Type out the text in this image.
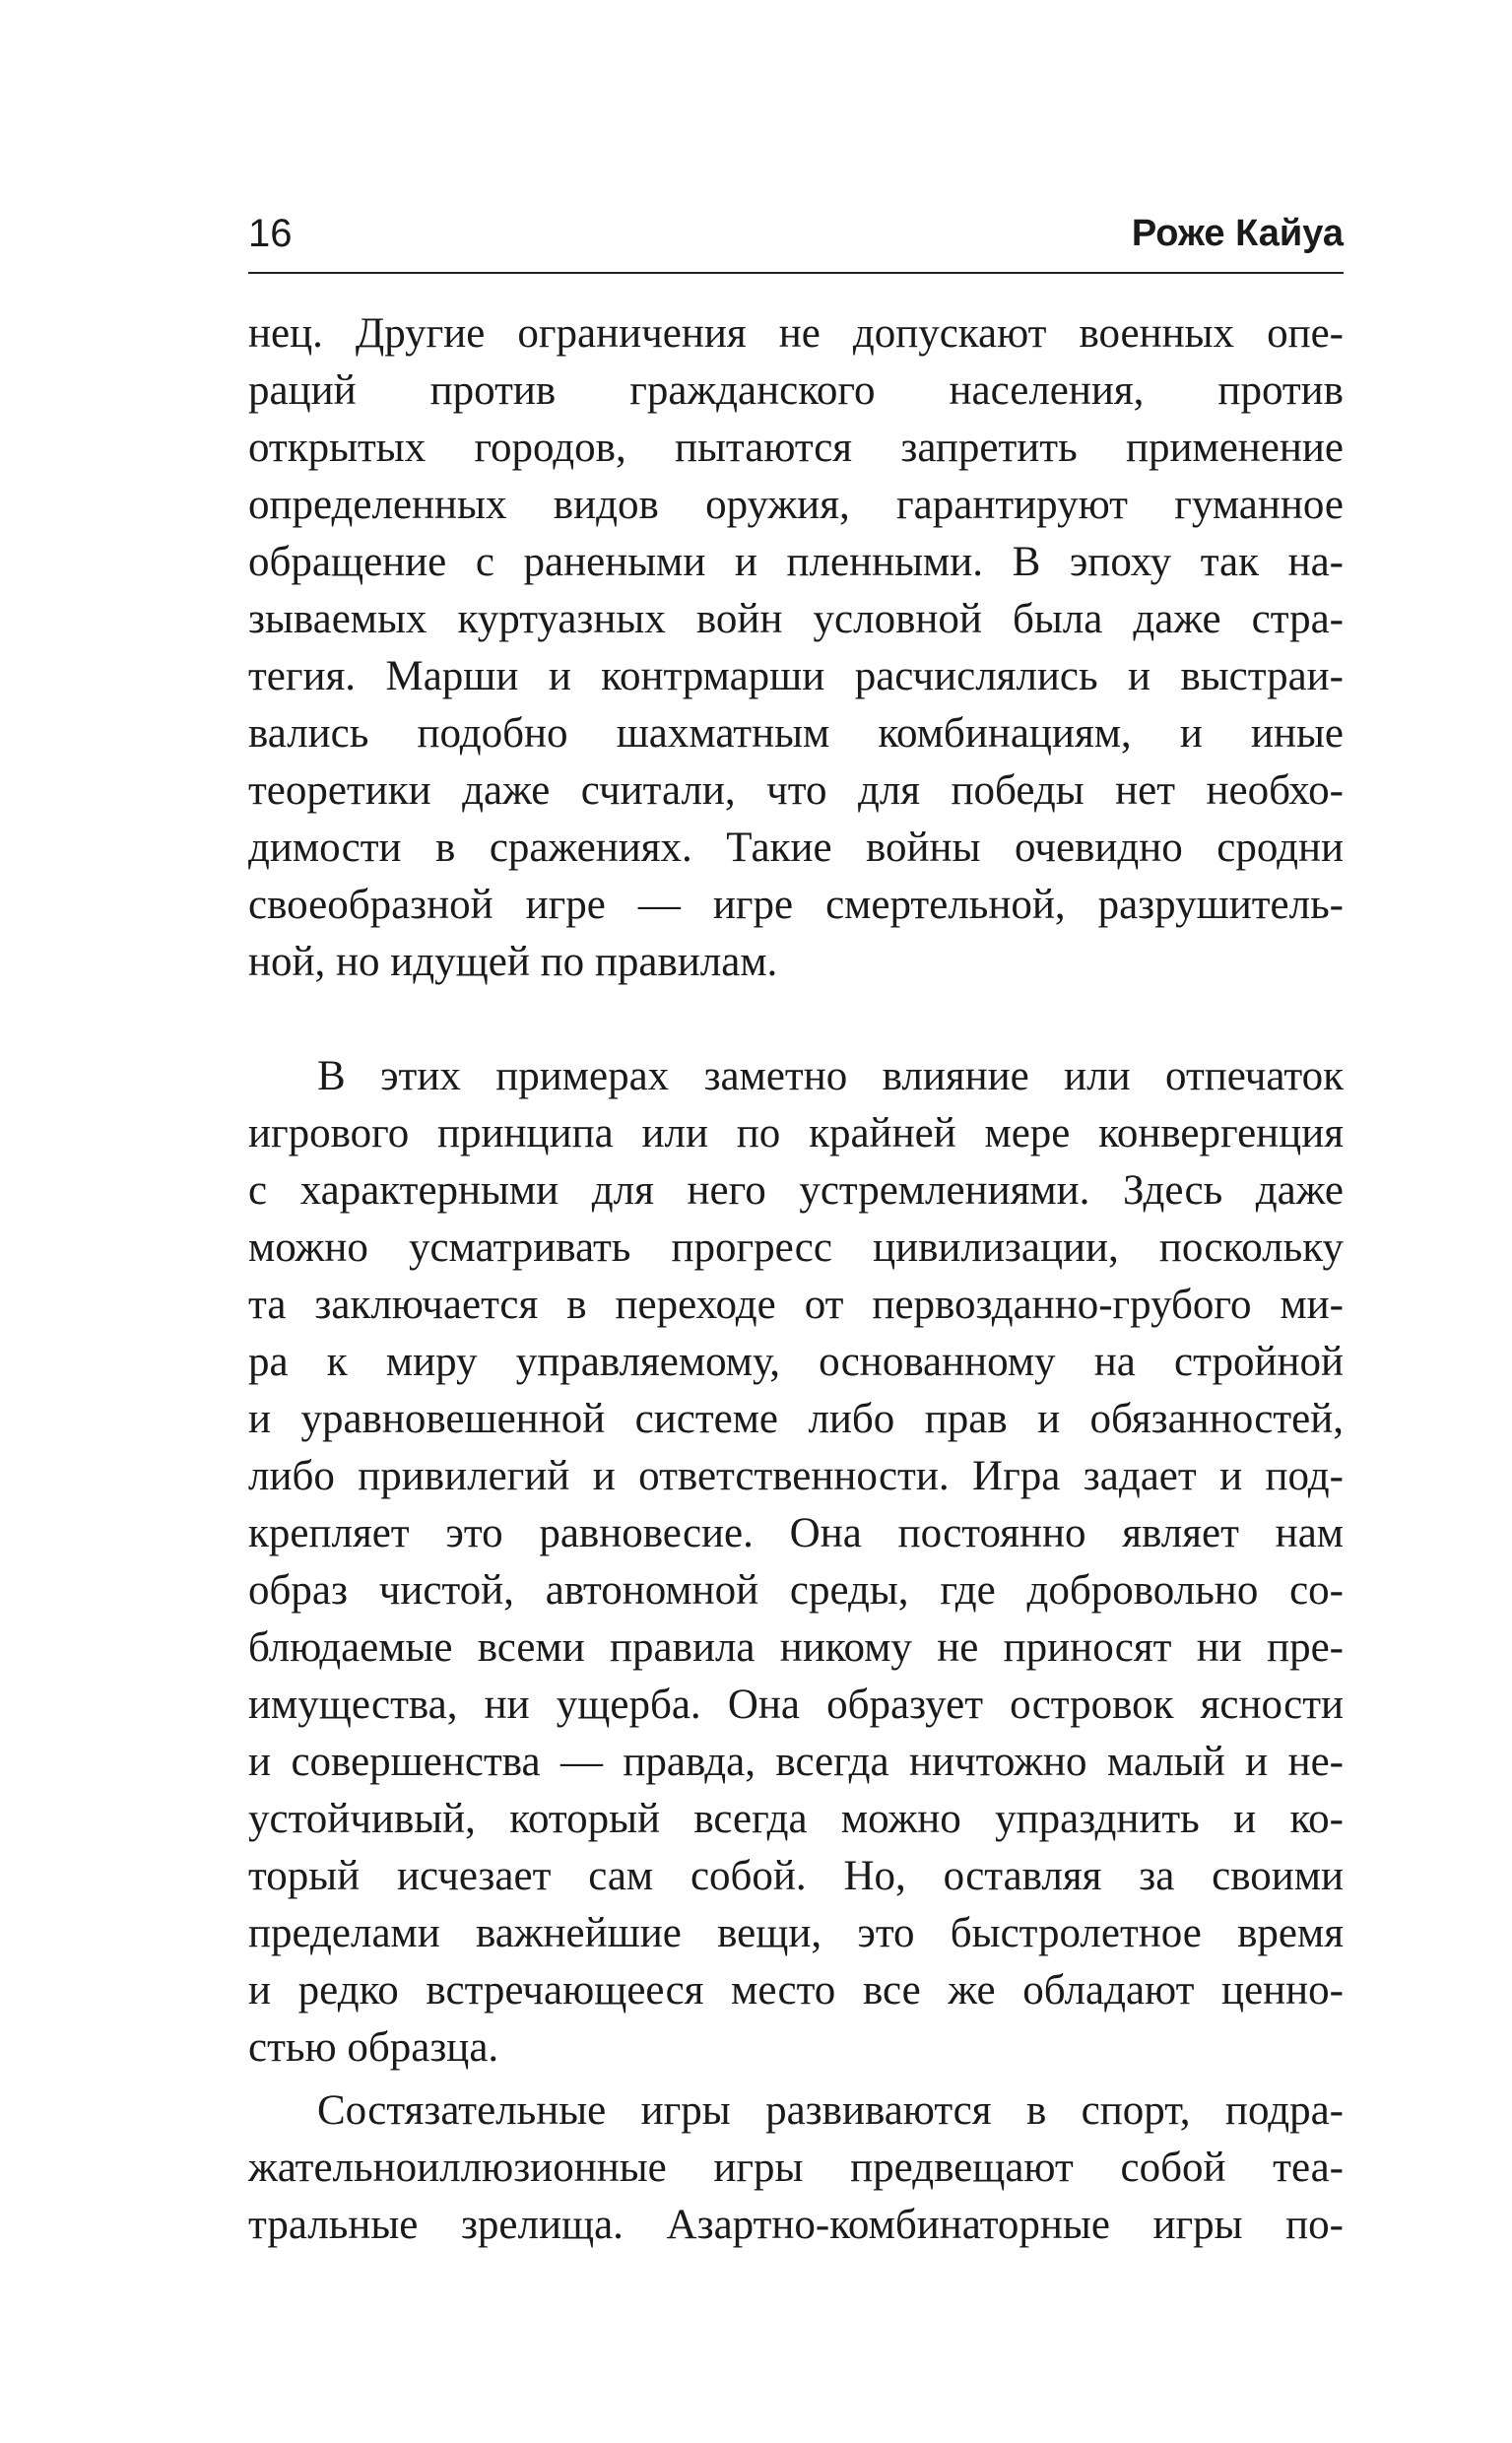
16	Роже Кайуа
нец. Другие ограничения не допускают военных опе-
раций против гражданского населения, против
открытых городов, пытаются запретить применение
определенных видов оружия, гарантируют гуманное
обращение с ранеными и пленными. В эпоху так на-
зываемых куртуазных войн условной была даже стра-
тегия. Марши и контрмарши расчислялись и выстраи-
вались подобно шахматным комбинациям, и иные
теоретики даже считали, что для победы нет необхо-
димости в сражениях. Такие войны очевидно сродни
своеобразной игре — игре смертельной, разрушитель-
ной, но идущей по правилам.
В этих примерах заметно влияние или отпечаток
игрового принципа или по крайней мере конвергенция
с характерными для него устремлениями. Здесь даже
можно усматривать прогресс цивилизации, поскольку
та заключается в переходе от первозданно-грубого ми-
ра к миру управляемому, основанному на стройной
и уравновешенной системе либо прав и обязанностей,
либо привилегий и ответственности. Игра задает и под-
крепляет это равновесие. Она постоянно являет нам
образ чистой, автономной среды, где добровольно со-
блюдаемые всеми правила никому не приносят ни пре-
имущества, ни ущерба. Она образует островок ясности
и совершенства — правда, всегда ничтожно малый и не-
устойчивый, который всегда можно упразднить и ко-
торый исчезает сам собой. Но, оставляя за своими
пределами важнейшие вещи, это быстролетное время
и редко встречающееся место все же обладают ценно-
стью образца.
Состязательные игры развиваются в спорт, подра-
жательноиллюзионные игры предвещают собой теа-
тральные зрелища. Азартно-комбинаторные игры по-
